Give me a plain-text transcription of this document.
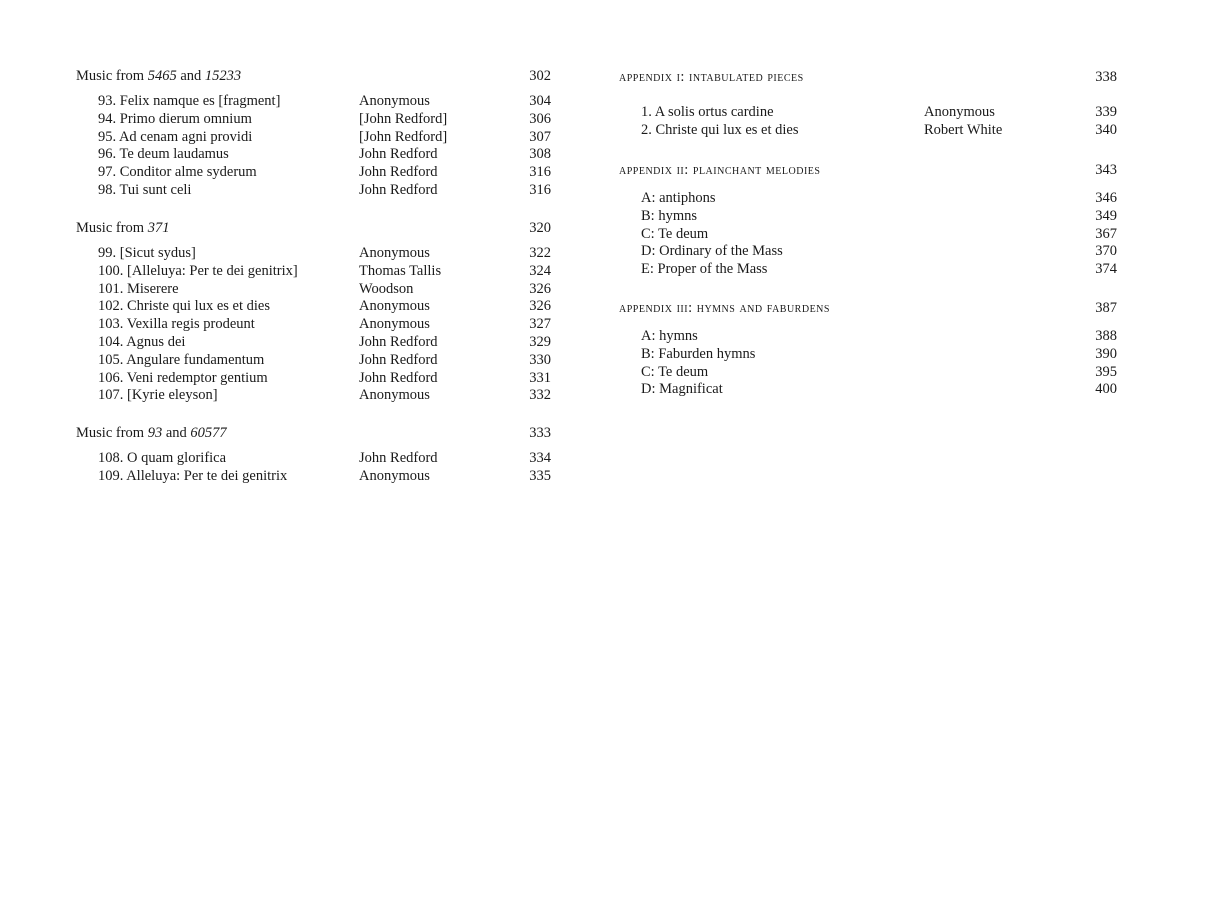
Music from 5465 and 15233	302
93. Felix namque es [fragment]	Anonymous	304
94. Primo dierum omnium	[John Redford]	306
95. Ad cenam agni providi	[John Redford]	307
96. Te deum laudamus	John Redford	308
97. Conditor alme syderum	John Redford	316
98. Tui sunt celi	John Redford	316
Music from 371	320
99. [Sicut sydus]	Anonymous	322
100. [Alleluya: Per te dei genitrix]	Thomas Tallis	324
101. Miserere	Woodson	326
102. Christe qui lux es et dies	Anonymous	326
103. Vexilla regis prodeunt	Anonymous	327
104. Agnus dei	John Redford	329
105. Angulare fundamentum	John Redford	330
106. Veni redemptor gentium	John Redford	331
107. [Kyrie eleyson]	Anonymous	332
Music from 93 and 60577	333
108. O quam glorifica	John Redford	334
109. Alleluya: Per te dei genitrix	Anonymous	335
appendix i: intabulated pieces	338
1. A solis ortus cardine	Anonymous	339
2. Christe qui lux es et dies	Robert White	340
appendix ii: plainchant melodies	343
A: antiphons	346
B: hymns	349
C: Te deum	367
D: Ordinary of the Mass	370
E: Proper of the Mass	374
appendix iii: hymns and faburdens	387
A: hymns	388
B: Faburden hymns	390
C: Te deum	395
D: Magnificat	400
